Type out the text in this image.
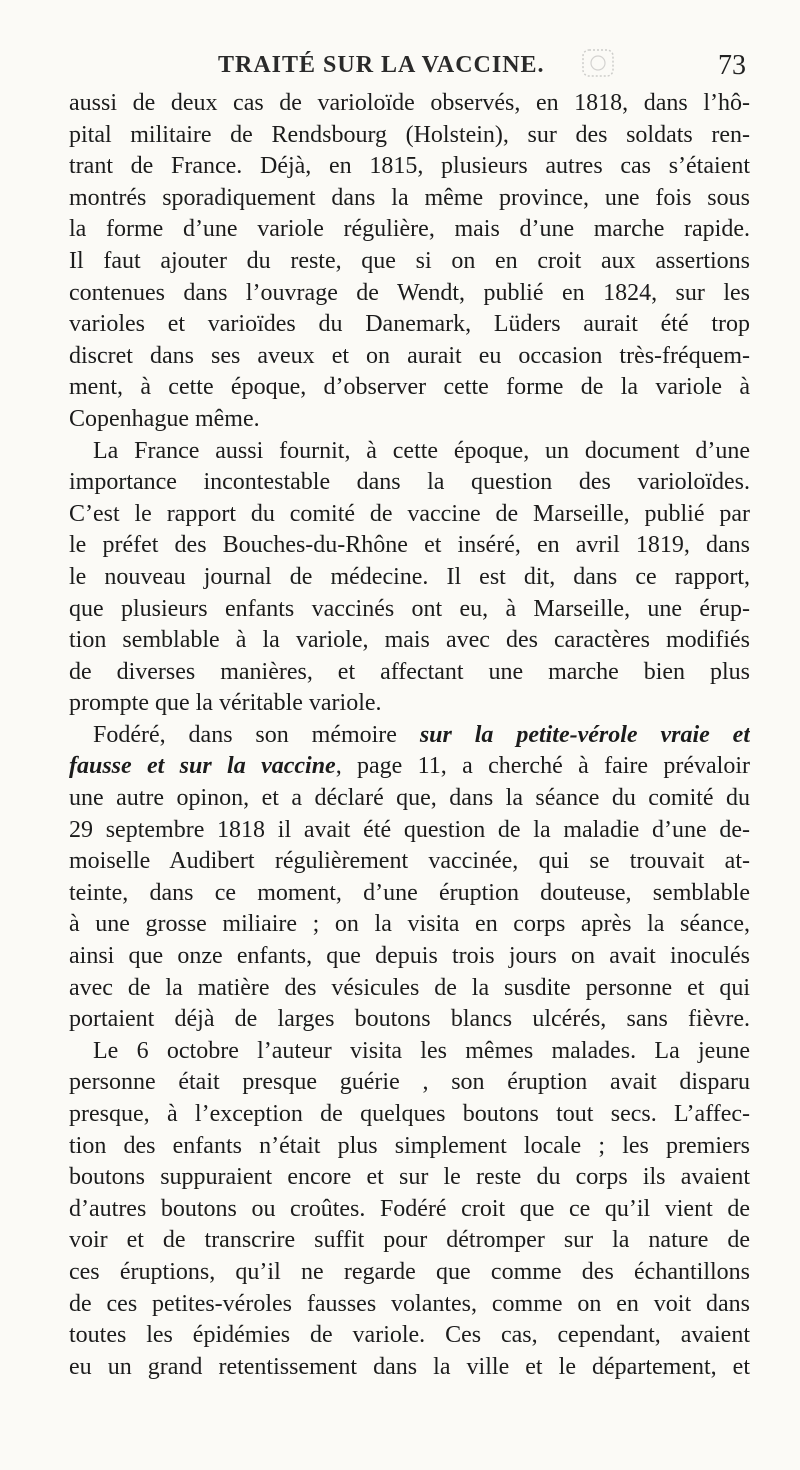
TRAITÉ SUR LA VACCINE.	73
aussi de deux cas de varioloïde observés, en 1818, dans l’hô-
pital militaire de Rendsbourg (Holstein), sur des soldats ren-
trant de France. Déjà, en 1815, plusieurs autres cas s’étaient
montrés sporadiquement dans la même province, une fois sous
la forme d’une variole régulière, mais d’une marche rapide.
Il faut ajouter du reste, que si on en croit aux assertions
contenues dans l’ouvrage de Wendt, publié en 1824, sur les
varioles et varioïdes du Danemark, Lüders aurait été trop
discret dans ses aveux et on aurait eu occasion très-fréquem-
ment, à cette époque, d’observer cette forme de la variole à
Copenhague même.
La France aussi fournit, à cette époque, un document d’une
importance incontestable dans la question des varioloïdes.
C’est le rapport du comité de vaccine de Marseille, publié par
le préfet des Bouches-du-Rhône et inséré, en avril 1819, dans
le nouveau journal de médecine. Il est dit, dans ce rapport,
que plusieurs enfants vaccinés ont eu, à Marseille, une érup-
tion semblable à la variole, mais avec des caractères modifiés
de diverses manières, et affectant une marche bien plus
prompte que la véritable variole.
Fodéré, dans son mémoire sur la petite-vérole vraie et
fausse et sur la vaccine, page 11, a cherché à faire prévaloir
une autre opinon, et a déclaré que, dans la séance du comité du
29 septembre 1818 il avait été question de la maladie d’une de-
moiselle Audibert régulièrement vaccinée, qui se trouvait at-
teinte, dans ce moment, d’une éruption douteuse, semblable
à une grosse miliaire ; on la visita en corps après la séance,
ainsi que onze enfants, que depuis trois jours on avait inoculés
avec de la matière des vésicules de la susdite personne et qui
portaient déjà de larges boutons blancs ulcérés, sans fièvre.
Le 6 octobre l’auteur visita les mêmes malades. La jeune
personne était presque guérie , son éruption avait disparu
presque, à l’exception de quelques boutons tout secs. L’affec-
tion des enfants n’était plus simplement locale ; les premiers
boutons suppuraient encore et sur le reste du corps ils avaient
d’autres boutons ou croûtes. Fodéré croit que ce qu’il vient de
voir et de transcrire suffit pour détromper sur la nature de
ces éruptions, qu’il ne regarde que comme des échantillons
de ces petites-véroles fausses volantes, comme on en voit dans
toutes les épidémies de variole. Ces cas, cependant, avaient
eu un grand retentissement dans la ville et le département, et
